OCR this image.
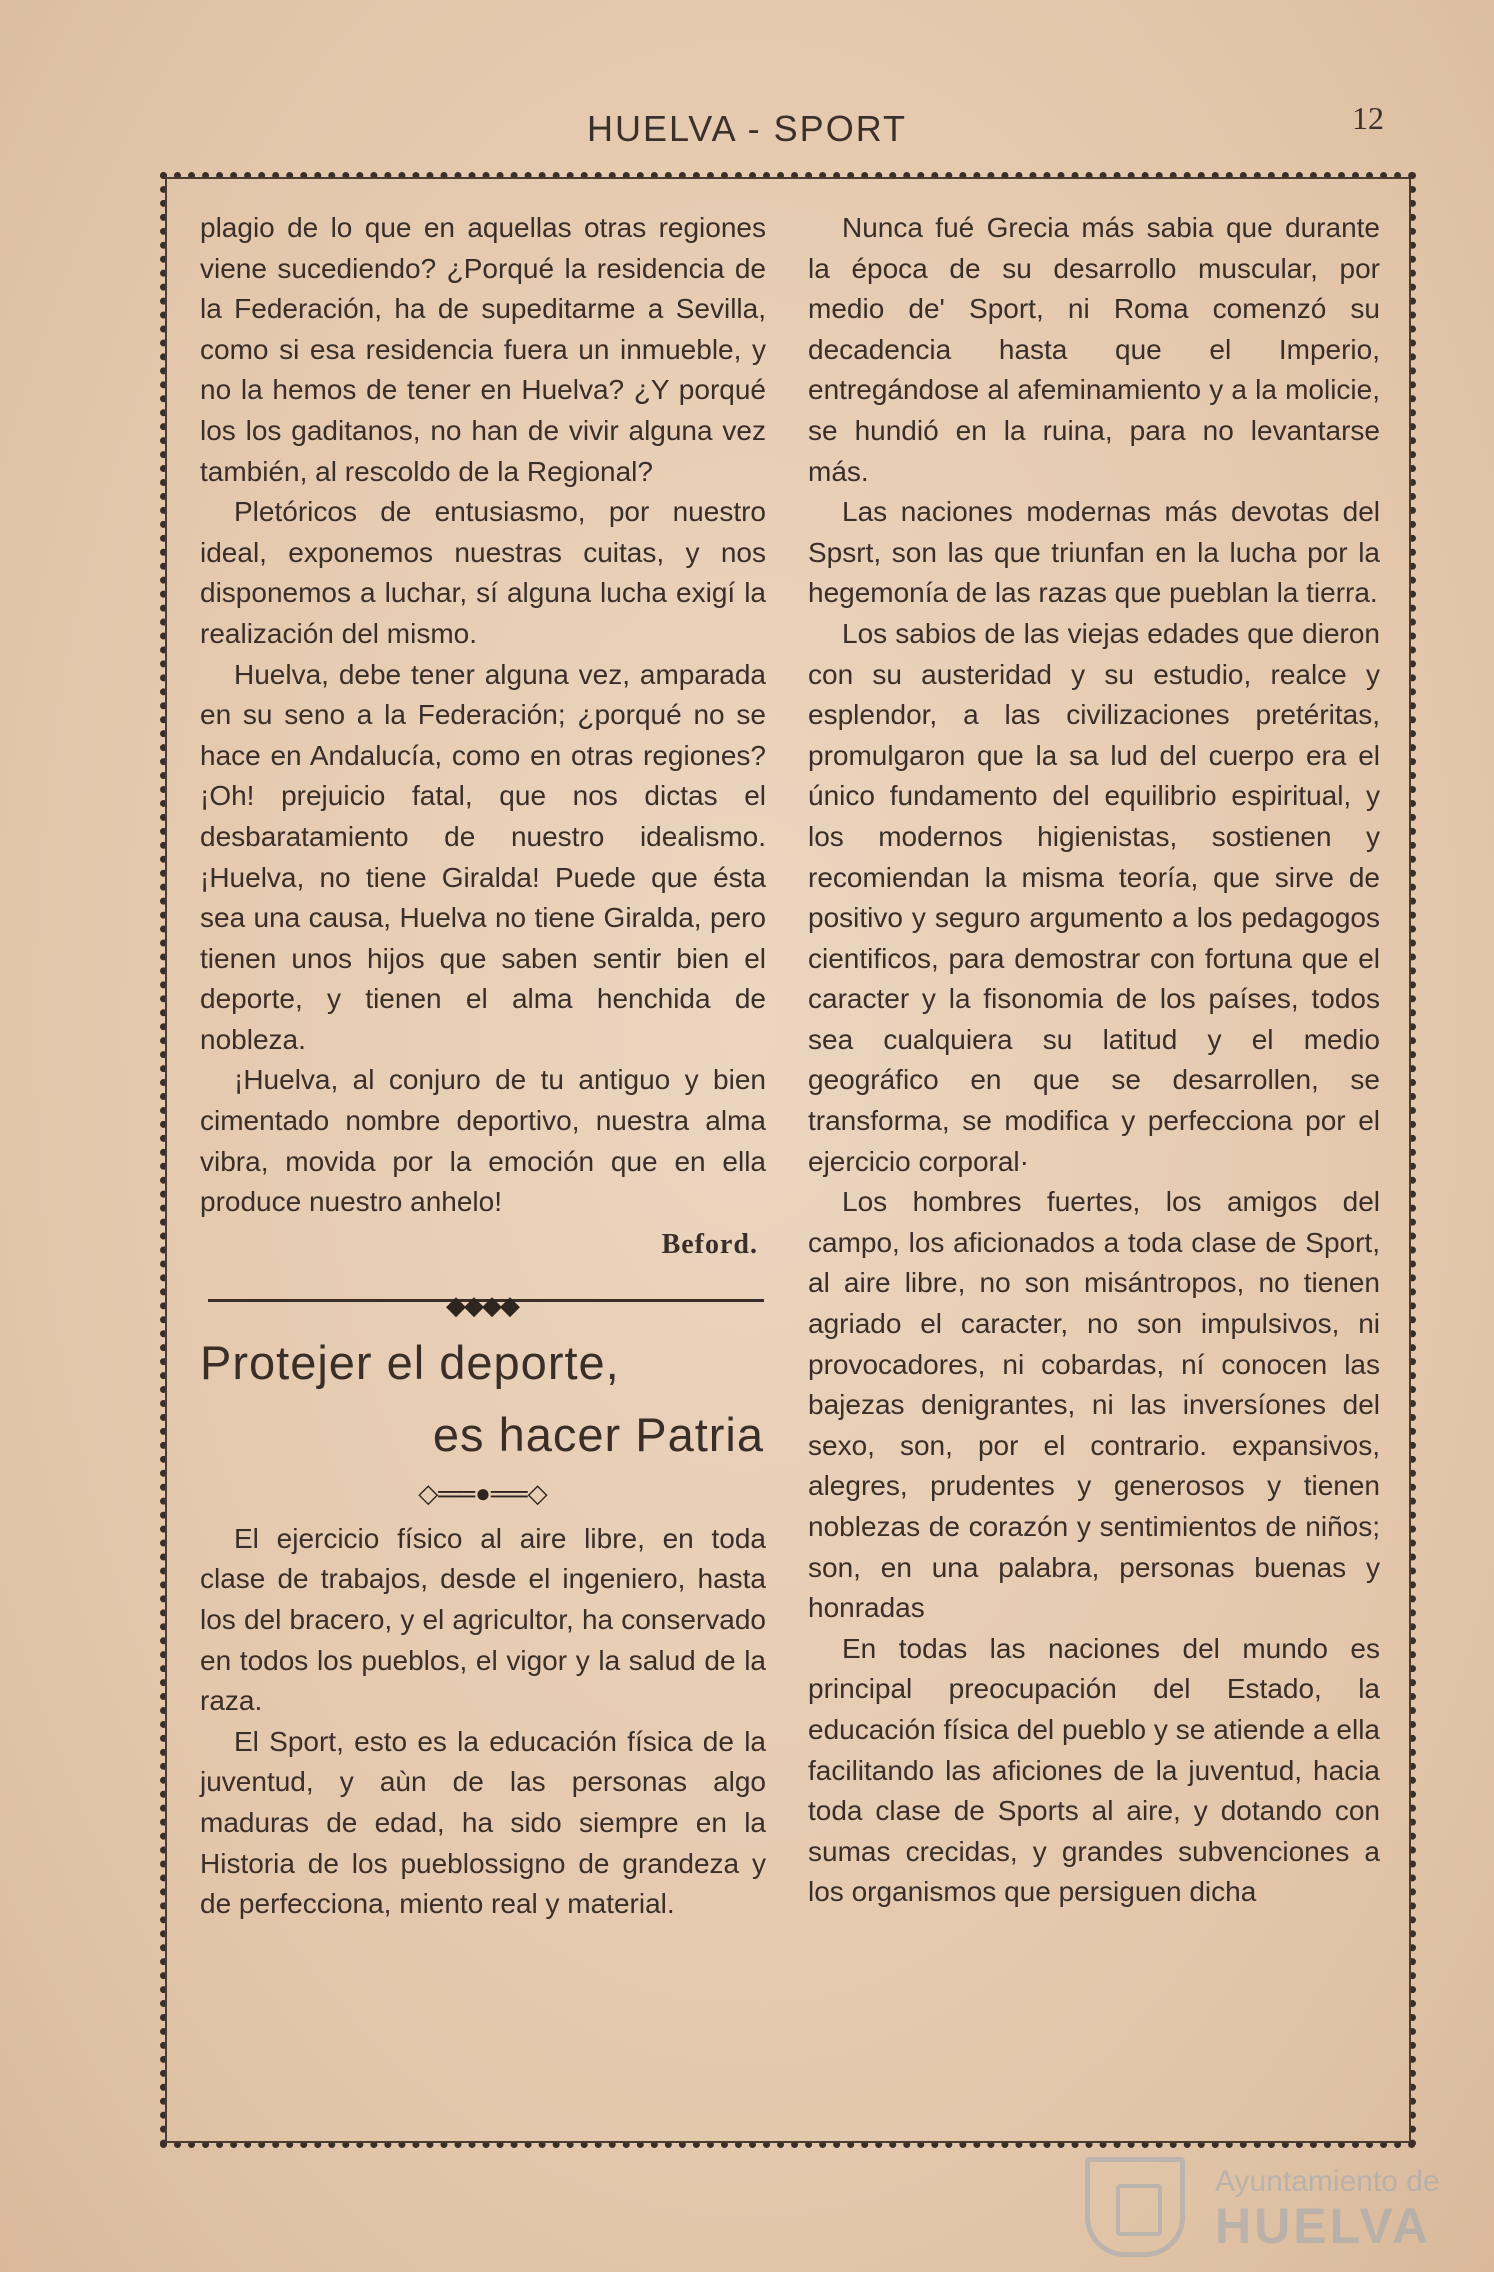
HUELVA - SPORT	12

plagio de lo que en aquellas otras regiones viene sucediendo? ¿Porqué la residencia de la Federación, ha de supeditarme a Sevilla, como si esa residencia fuera un inmueble, y no la hemos de tener en Huelva? ¿Y porqué los los gaditanos, no han de vivir alguna vez también, al rescoldo de la Regional?

Pletóricos de entusiasmo, por nuestro ideal, exponemos nuestras cuitas, y nos disponemos a luchar, sí alguna lucha exigí la realización del mismo.

Huelva, debe tener alguna vez, amparada en su seno a la Federación; ¿porqué no se hace en Andalucía, como en otras regiones? ¡Oh! prejuicio fatal, que nos dictas el desbaratamiento de nuestro idealismo. ¡Huelva, no tiene Giralda! Puede que ésta sea una causa, Huelva no tiene Giralda, pero tienen unos hijos que saben sentir bien el deporte, y tienen el alma henchida de nobleza.

¡Huelva, al conjuro de tu antiguo y bien cimentado nombre deportivo, nuestra alma vibra, movida por la emoción que en ella produce nuestro anhelo!

Beford.
◆◆◆◆
Protejer el deporte,
es hacer Patria
◇══●══◇

El ejercicio físico al aire libre, en toda clase de trabajos, desde el ingeniero, hasta los del bracero, y el agricultor, ha conservado en todos los pueblos, el vigor y la salud de la raza.

El Sport, esto es la educación física de la juventud, y aùn de las personas algo maduras de edad, ha sido siempre en la Historia de los pueblossigno de grandeza y de perfecciona, miento real y material.

Nunca fué Grecia más sabia que durante la época de su desarrollo muscular, por medio de' Sport, ni Roma comenzó su decadencia hasta que el Imperio, entregándose al afeminamiento y a la molicie, se hundió en la ruina, para no levantarse más.

Las naciones modernas más devotas del Spsrt, son las que triunfan en la lucha por la hegemonía de las razas que pueblan la tierra.

Los sabios de las viejas edades que dieron con su austeridad y su estudio, realce y esplendor, a las civilizaciones pretéritas, promulgaron que la sa lud del cuerpo era el único fundamento del equilibrio espiritual, y los modernos higienistas, sostienen y recomiendan la misma teoría, que sirve de positivo y seguro argumento a los pedagogos cientificos, para demostrar con fortuna que el caracter y la fisonomia de los países, todos sea cualquiera su latitud y el medio geográfico en que se desarrollen, se transforma, se modifica y perfecciona por el ejercicio corporal·

Los hombres fuertes, los amigos del campo, los aficionados a toda clase de Sport, al aire libre, no son misántropos, no tienen agriado el caracter, no son impulsivos, ni provocadores, ni cobardas, ní conocen las bajezas denigrantes, ni las inversíones del sexo, son, por el contrario. expansivos, alegres, prudentes y generosos y tienen noblezas de corazón y sentimientos de niños; son, en una palabra, personas buenas y honradas

En todas las naciones del mundo es principal preocupación del Estado, la educación física del pueblo y se atiende a ella facilitando las aficiones de la juventud, hacia toda clase de Sports al aire, y dotando con sumas crecidas, y grandes subvenciones a los organismos que persiguen dicha

Ayuntamiento de
HUELVA
